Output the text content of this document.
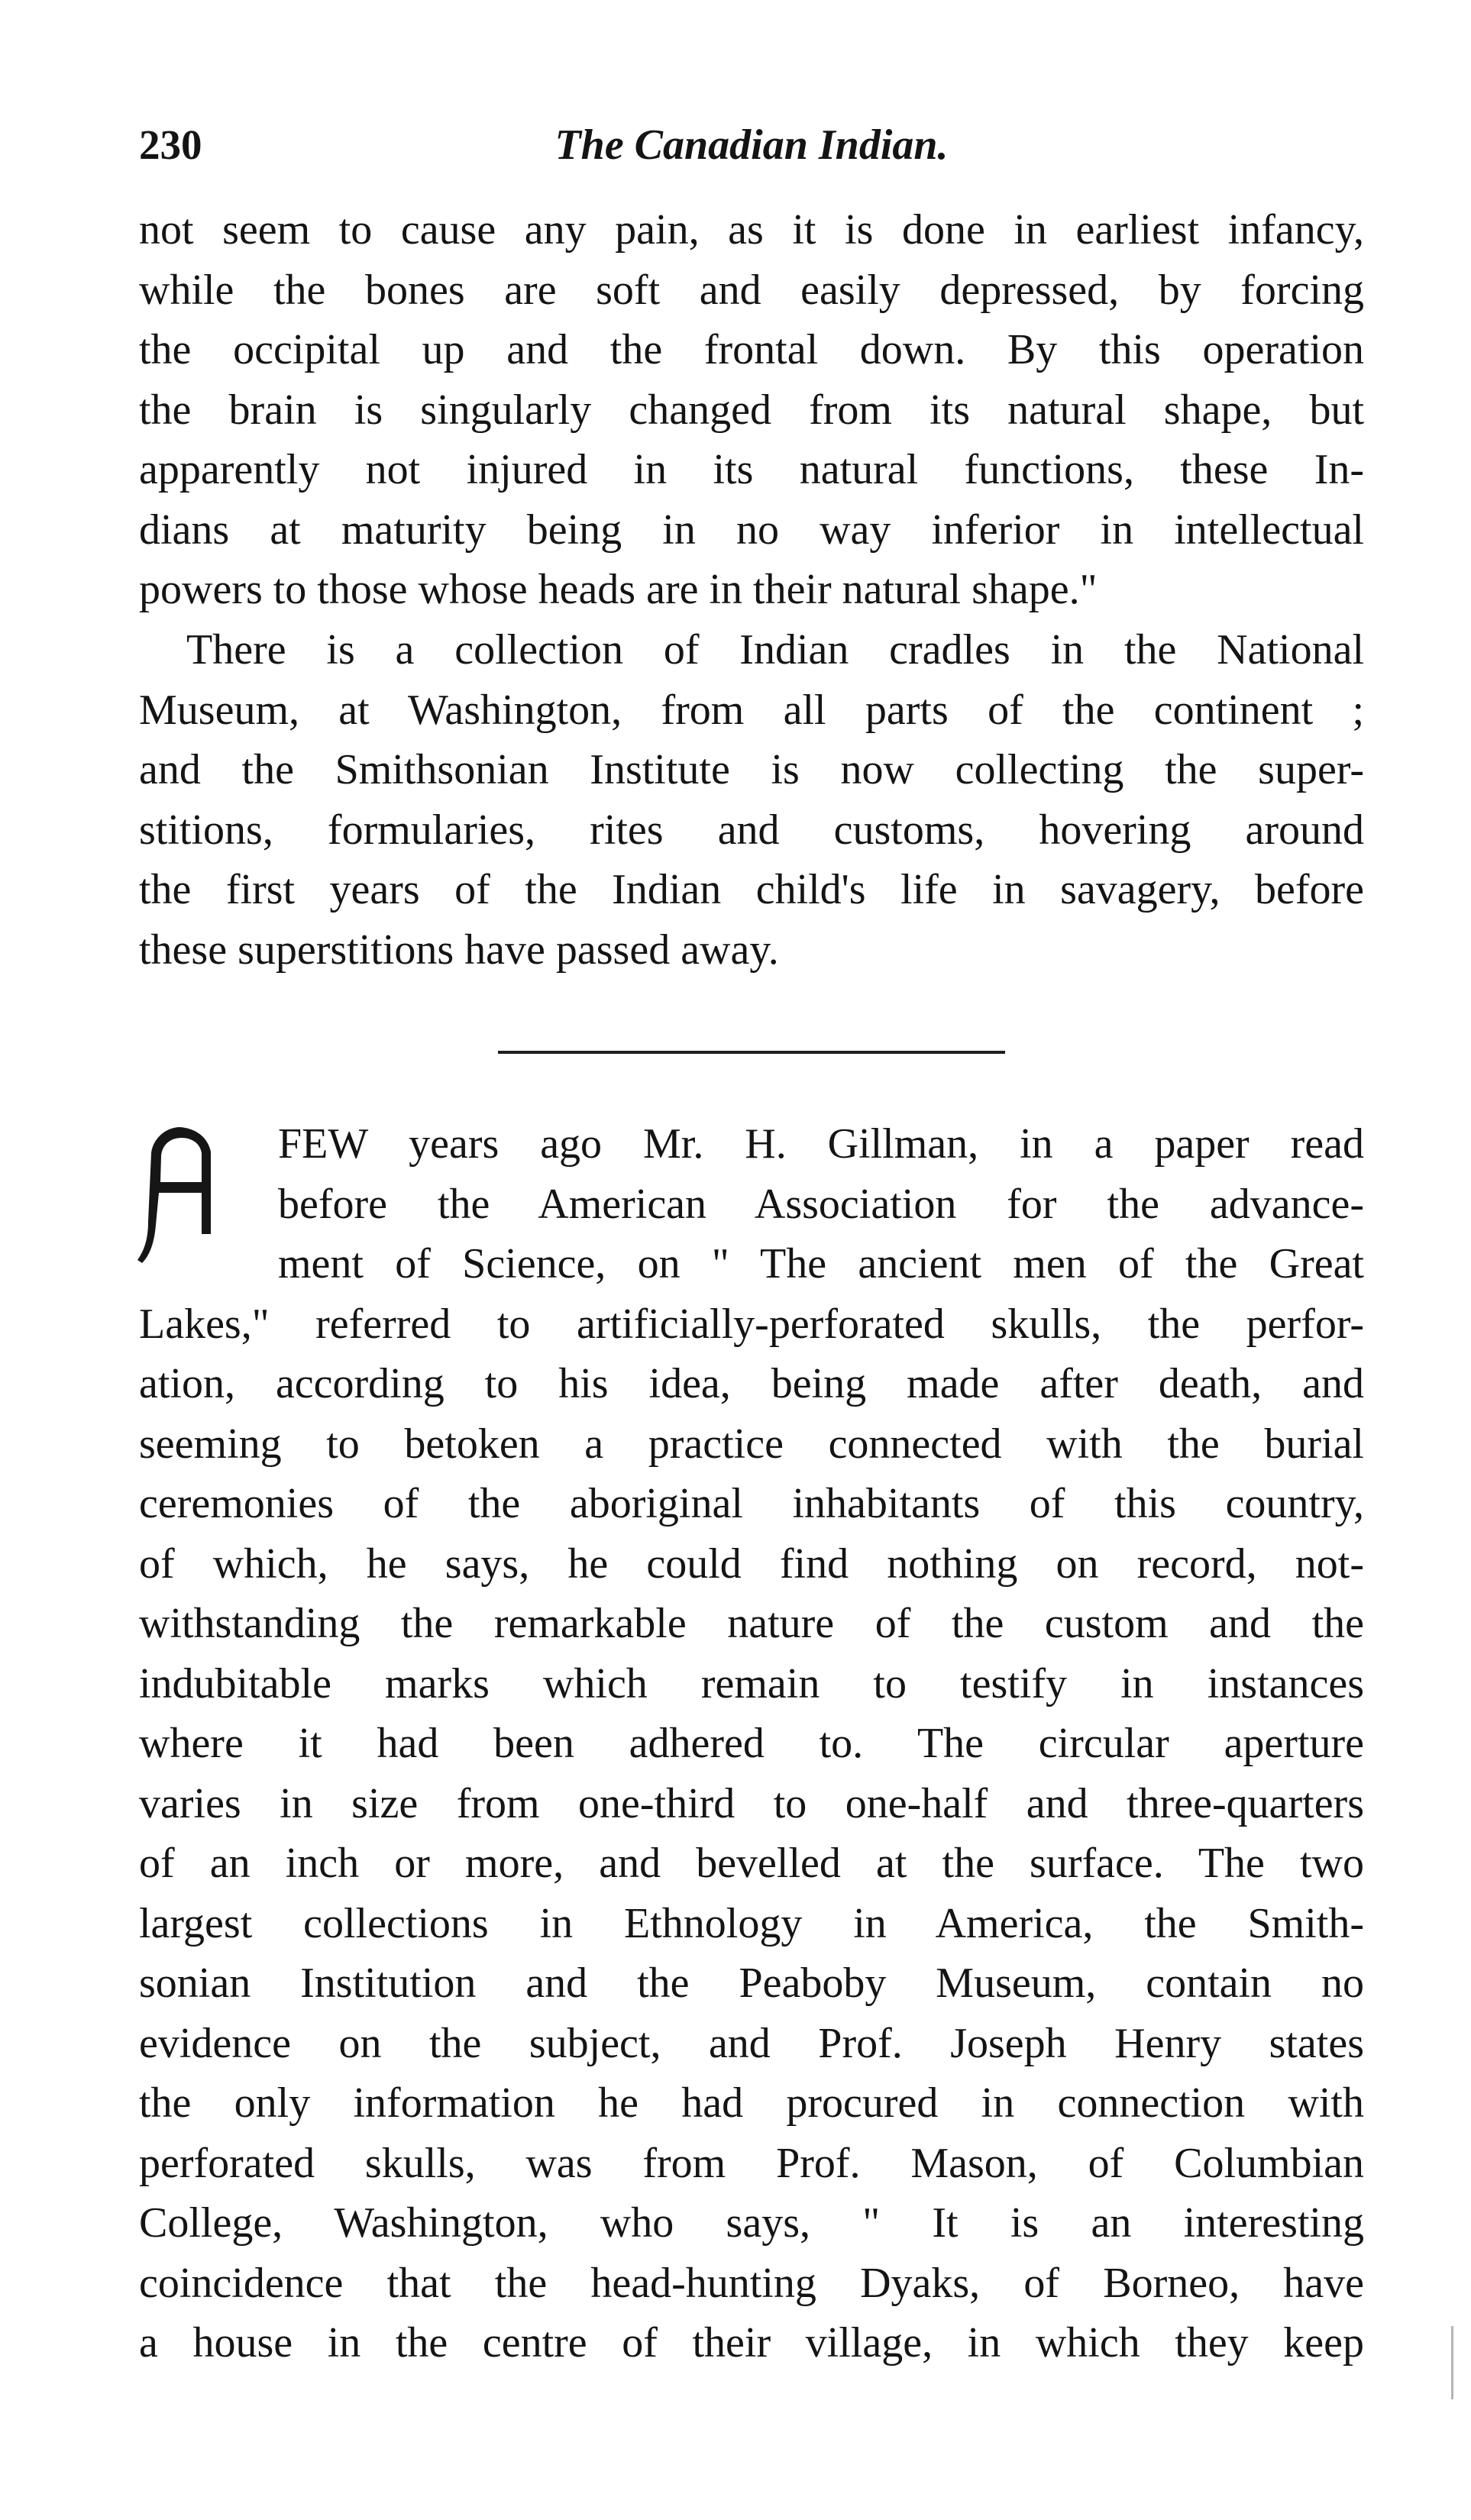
230	The Canadian Indian.
not seem to cause any pain, as it is done in earliest infancy,
while the bones are soft and easily depressed, by forcing
the occipital up and the frontal down. By this operation
the brain is singularly changed from its natural shape, but
apparently not injured in its natural functions, these In-
dians at maturity being in no way inferior in intellectual
powers to those whose heads are in their natural shape."
There is a collection of Indian cradles in the National
Museum, at Washington, from all parts of the continent ;
and the Smithsonian Institute is now collecting the super-
stitions, formularies, rites and customs, hovering around
the first years of the Indian child's life in savagery, before
these superstitions have passed away.
FEW years ago Mr. H. Gillman, in a paper read
before the American Association for the advance-
ment of Science, on " The ancient men of the Great
Lakes," referred to artificially-perforated skulls, the perfor-
ation, according to his idea, being made after death, and
seeming to betoken a practice connected with the burial
ceremonies of the aboriginal inhabitants of this country,
of which, he says, he could find nothing on record, not-
withstanding the remarkable nature of the custom and the
indubitable marks which remain to testify in instances
where it had been adhered to. The circular aperture
varies in size from one-third to one-half and three-quarters
of an inch or more, and bevelled at the surface. The two
largest collections in Ethnology in America, the Smith-
sonian Institution and the Peaboby Museum, contain no
evidence on the subject, and Prof. Joseph Henry states
the only information he had procured in connection with
perforated skulls, was from Prof. Mason, of Columbian
College, Washington, who says, " It is an interesting
coincidence that the head-hunting Dyaks, of Borneo, have
a house in the centre of their village, in which they keep
